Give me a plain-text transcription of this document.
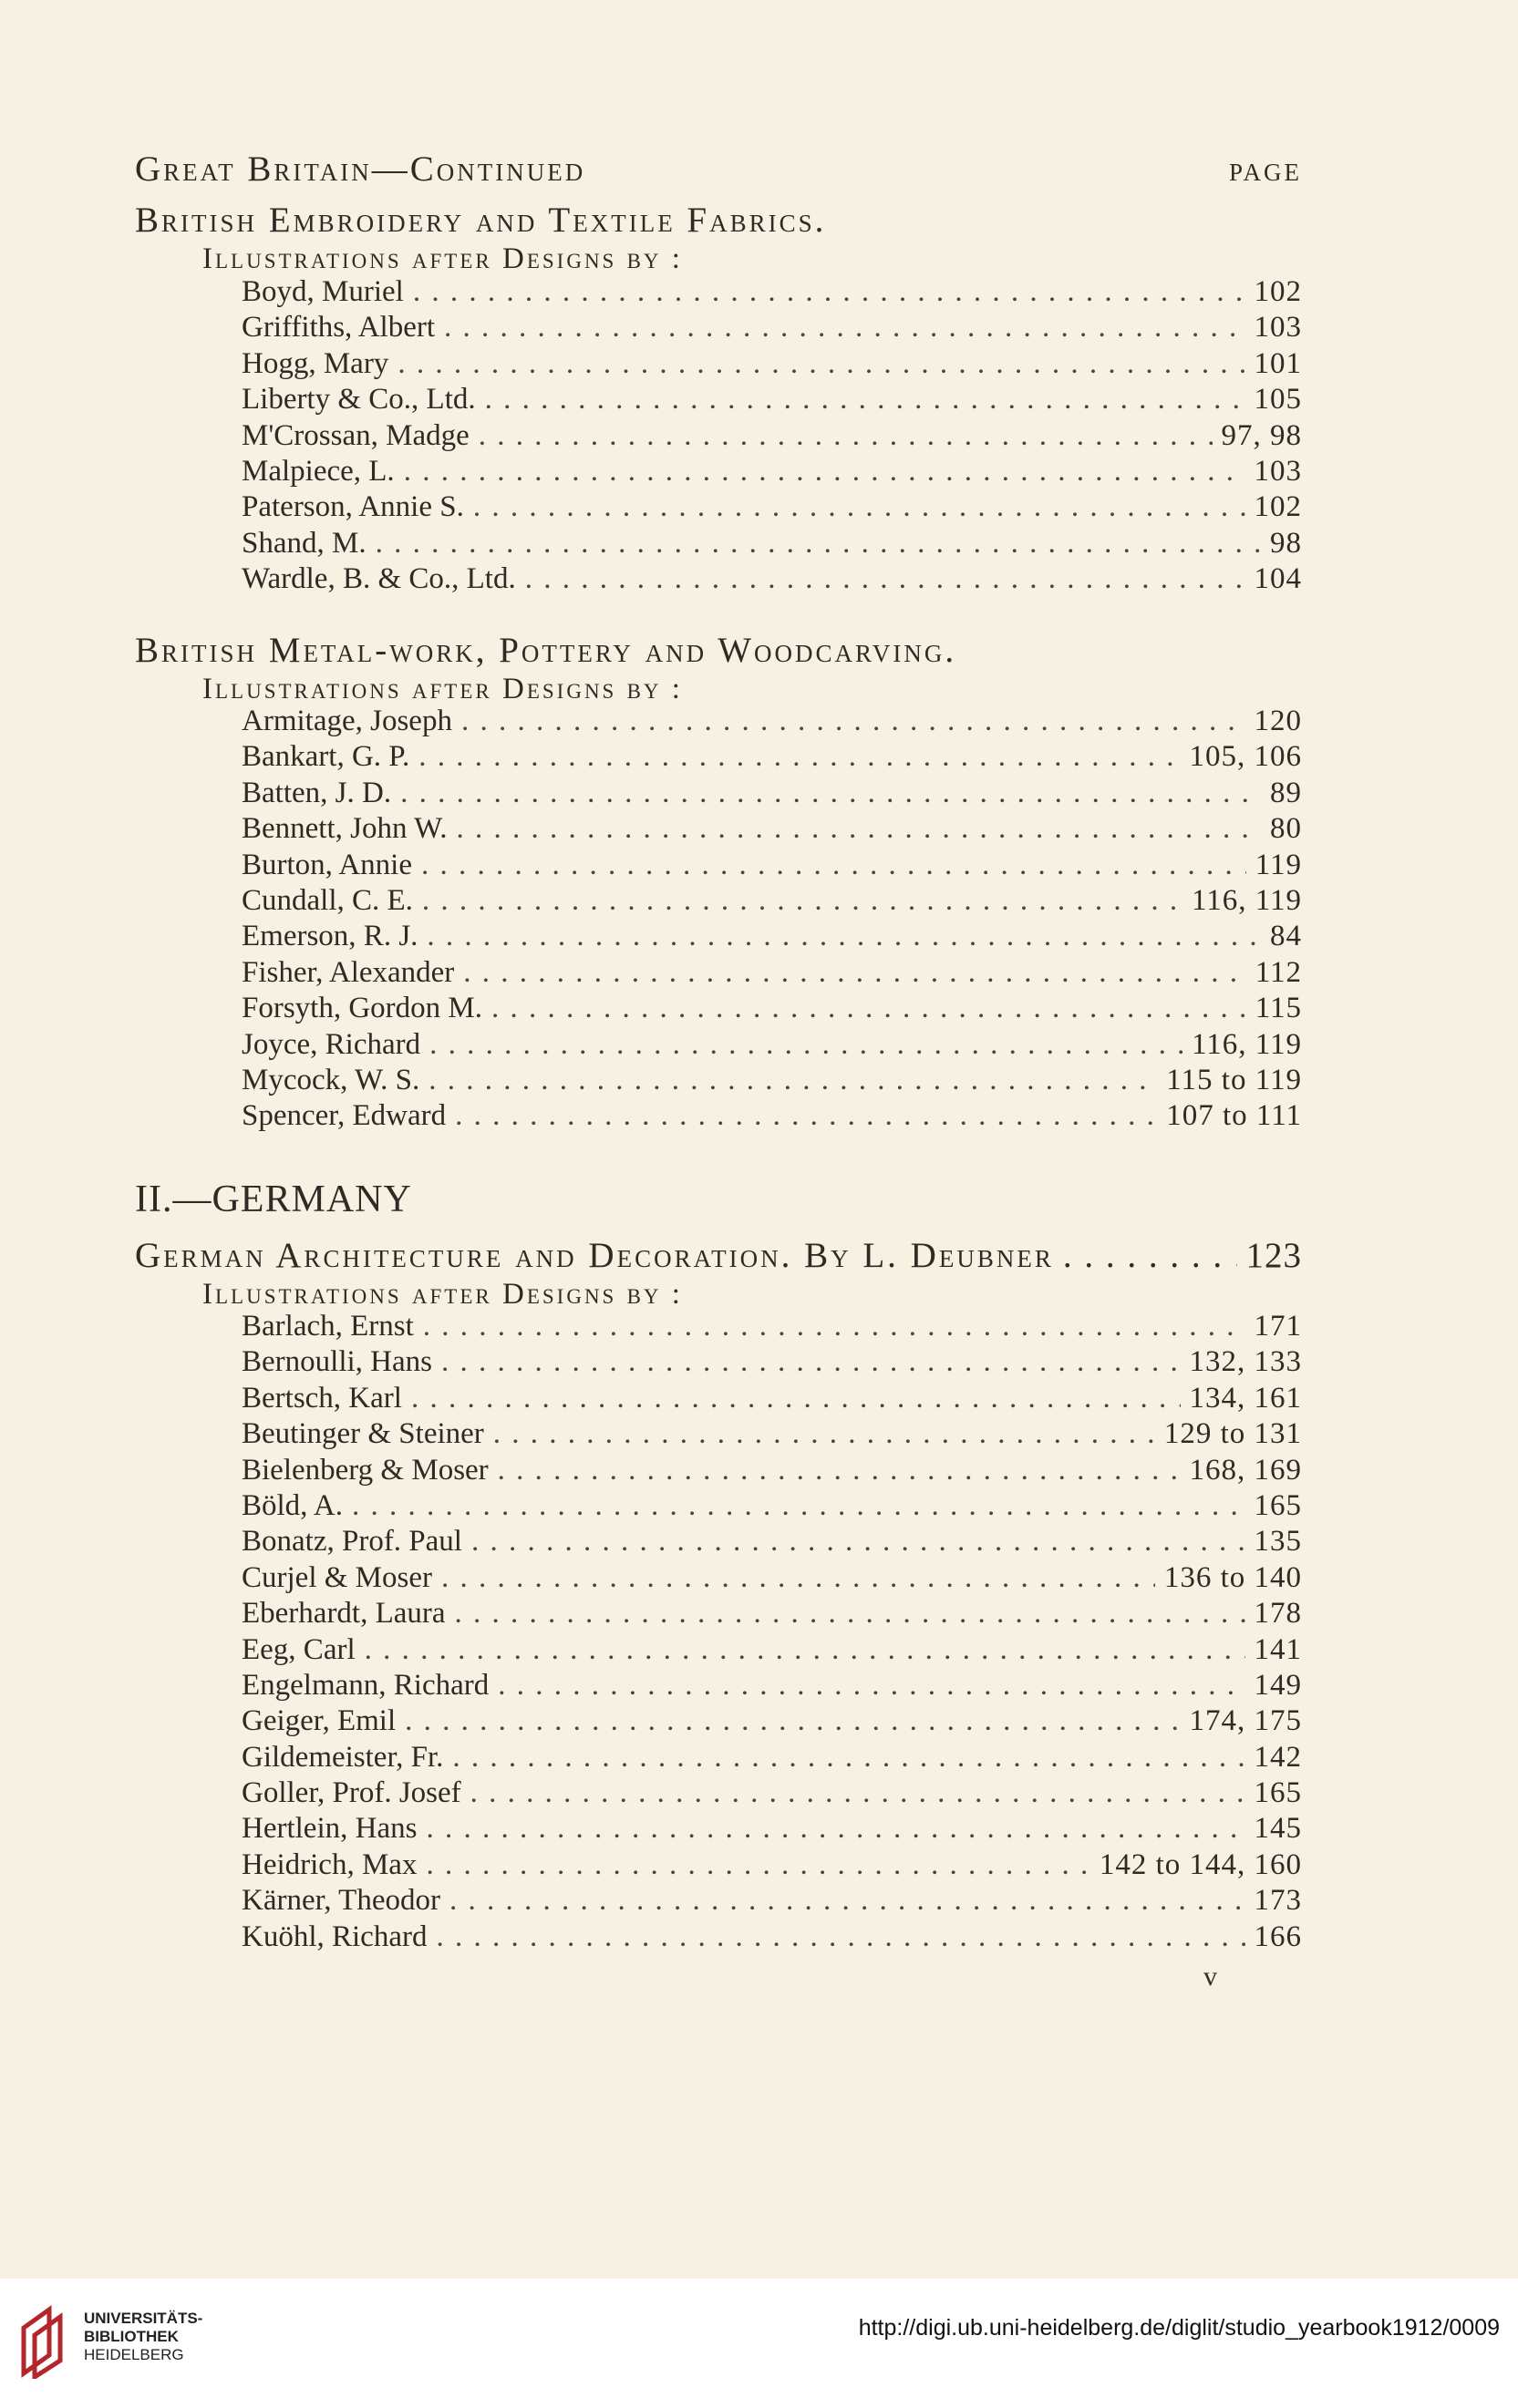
Great Britain—Continued	page
British Embroidery and Textile Fabrics.
Illustrations after Designs by :
Boyd, Muriel . . .	102
Griffiths, Albert . . .	103
Hogg, Mary . . .	101
Liberty & Co., Ltd. . . .	105
M'Crossan, Madge . . .	97, 98
Malpiece, L. . . .	103
Paterson, Annie S. . . .	102
Shand, M. . . .	98
Wardle, B. & Co., Ltd. . . .	104
British Metal-work, Pottery and Woodcarving.
Illustrations after Designs by :
Armitage, Joseph . . .	120
Bankart, G. P. . . .	105, 106
Batten, J. D. . . .	89
Bennett, John W. . . .	80
Burton, Annie . . .	119
Cundall, C. E. . . .	116, 119
Emerson, R. J. . . .	84
Fisher, Alexander . . .	112
Forsyth, Gordon M. . . .	115
Joyce, Richard . . .	116, 119
Mycock, W. S. . . .	115 to 119
Spencer, Edward . . .	107 to 111
II.—GERMANY
German Architecture and Decoration. By L. Deubner . . .	123
Illustrations after Designs by :
Barlach, Ernst . . .	171
Bernoulli, Hans . . .	132, 133
Bertsch, Karl . . .	134, 161
Beutinger & Steiner . . .	129 to 131
Bielenberg & Moser . . .	168, 169
Böld, A. . . .	165
Bonatz, Prof. Paul . . .	135
Curjel & Moser . . .	136 to 140
Eberhardt, Laura . . .	178
Eeg, Carl . . .	141
Engelmann, Richard . . .	149
Geiger, Emil . . .	174, 175
Gildemeister, Fr. . . .	142
Goller, Prof. Josef . . .	165
Hertlein, Hans . . .	145
Heidrich, Max . . .	142 to 144, 160
Kärner, Theodor . . .	173
Kuöhl, Richard . . .	166
v
UNIVERSITÄTS-
BIBLIOTHEK
HEIDELBERG
http://digi.ub.uni-heidelberg.de/diglit/studio_yearbook1912/0009
